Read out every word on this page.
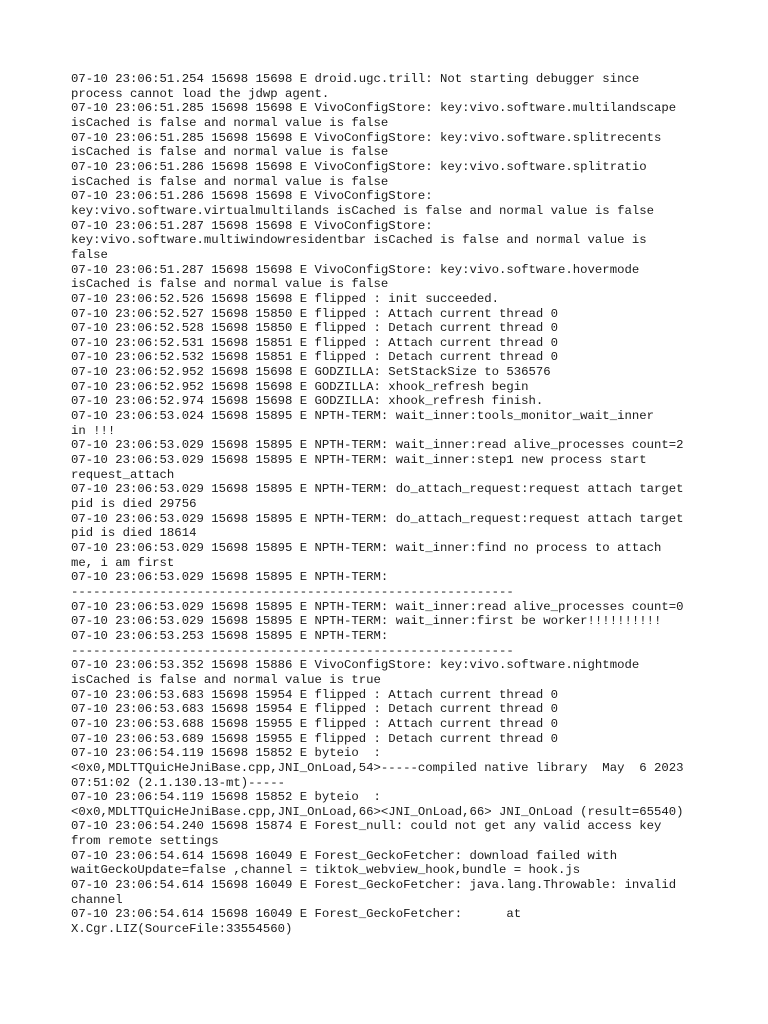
07-10 23:06:51.254 15698 15698 E droid.ugc.trill: Not starting debugger since
process cannot load the jdwp agent.
07-10 23:06:51.285 15698 15698 E VivoConfigStore: key:vivo.software.multilandscape
isCached is false and normal value is false
07-10 23:06:51.285 15698 15698 E VivoConfigStore: key:vivo.software.splitrecents
isCached is false and normal value is false
07-10 23:06:51.286 15698 15698 E VivoConfigStore: key:vivo.software.splitratio
isCached is false and normal value is false
07-10 23:06:51.286 15698 15698 E VivoConfigStore:
key:vivo.software.virtualmultilands isCached is false and normal value is false
07-10 23:06:51.287 15698 15698 E VivoConfigStore:
key:vivo.software.multiwindowresidentbar isCached is false and normal value is
false
07-10 23:06:51.287 15698 15698 E VivoConfigStore: key:vivo.software.hovermode
isCached is false and normal value is false
07-10 23:06:52.526 15698 15698 E flipped : init succeeded.
07-10 23:06:52.527 15698 15850 E flipped : Attach current thread 0
07-10 23:06:52.528 15698 15850 E flipped : Detach current thread 0
07-10 23:06:52.531 15698 15851 E flipped : Attach current thread 0
07-10 23:06:52.532 15698 15851 E flipped : Detach current thread 0
07-10 23:06:52.952 15698 15698 E GODZILLA: SetStackSize to 536576
07-10 23:06:52.952 15698 15698 E GODZILLA: xhook_refresh begin
07-10 23:06:52.974 15698 15698 E GODZILLA: xhook_refresh finish.
07-10 23:06:53.024 15698 15895 E NPTH-TERM: wait_inner:tools_monitor_wait_inner
in !!!
07-10 23:06:53.029 15698 15895 E NPTH-TERM: wait_inner:read alive_processes count=2
07-10 23:06:53.029 15698 15895 E NPTH-TERM: wait_inner:step1 new process start
request_attach
07-10 23:06:53.029 15698 15895 E NPTH-TERM: do_attach_request:request attach target
pid is died 29756
07-10 23:06:53.029 15698 15895 E NPTH-TERM: do_attach_request:request attach target
pid is died 18614
07-10 23:06:53.029 15698 15895 E NPTH-TERM: wait_inner:find no process to attach
me, i am first
07-10 23:06:53.029 15698 15895 E NPTH-TERM:
------------------------------------------------------------
07-10 23:06:53.029 15698 15895 E NPTH-TERM: wait_inner:read alive_processes count=0
07-10 23:06:53.029 15698 15895 E NPTH-TERM: wait_inner:first be worker!!!!!!!!!!
07-10 23:06:53.253 15698 15895 E NPTH-TERM:
------------------------------------------------------------
07-10 23:06:53.352 15698 15886 E VivoConfigStore: key:vivo.software.nightmode
isCached is false and normal value is true
07-10 23:06:53.683 15698 15954 E flipped : Attach current thread 0
07-10 23:06:53.683 15698 15954 E flipped : Detach current thread 0
07-10 23:06:53.688 15698 15955 E flipped : Attach current thread 0
07-10 23:06:53.689 15698 15955 E flipped : Detach current thread 0
07-10 23:06:54.119 15698 15852 E byteio  :
<0x0,MDLTTQuicHeJniBase.cpp,JNI_OnLoad,54>-----compiled native library  May  6 2023
07:51:02 (2.1.130.13-mt)-----
07-10 23:06:54.119 15698 15852 E byteio  :
<0x0,MDLTTQuicHeJniBase.cpp,JNI_OnLoad,66><JNI_OnLoad,66> JNI_OnLoad (result=65540)
07-10 23:06:54.240 15698 15874 E Forest_null: could not get any valid access key
from remote settings
07-10 23:06:54.614 15698 16049 E Forest_GeckoFetcher: download failed with
waitGeckoUpdate=false ,channel = tiktok_webview_hook,bundle = hook.js
07-10 23:06:54.614 15698 16049 E Forest_GeckoFetcher: java.lang.Throwable: invalid
channel
07-10 23:06:54.614 15698 16049 E Forest_GeckoFetcher:      at
X.Cgr.LIZ(SourceFile:33554560)
